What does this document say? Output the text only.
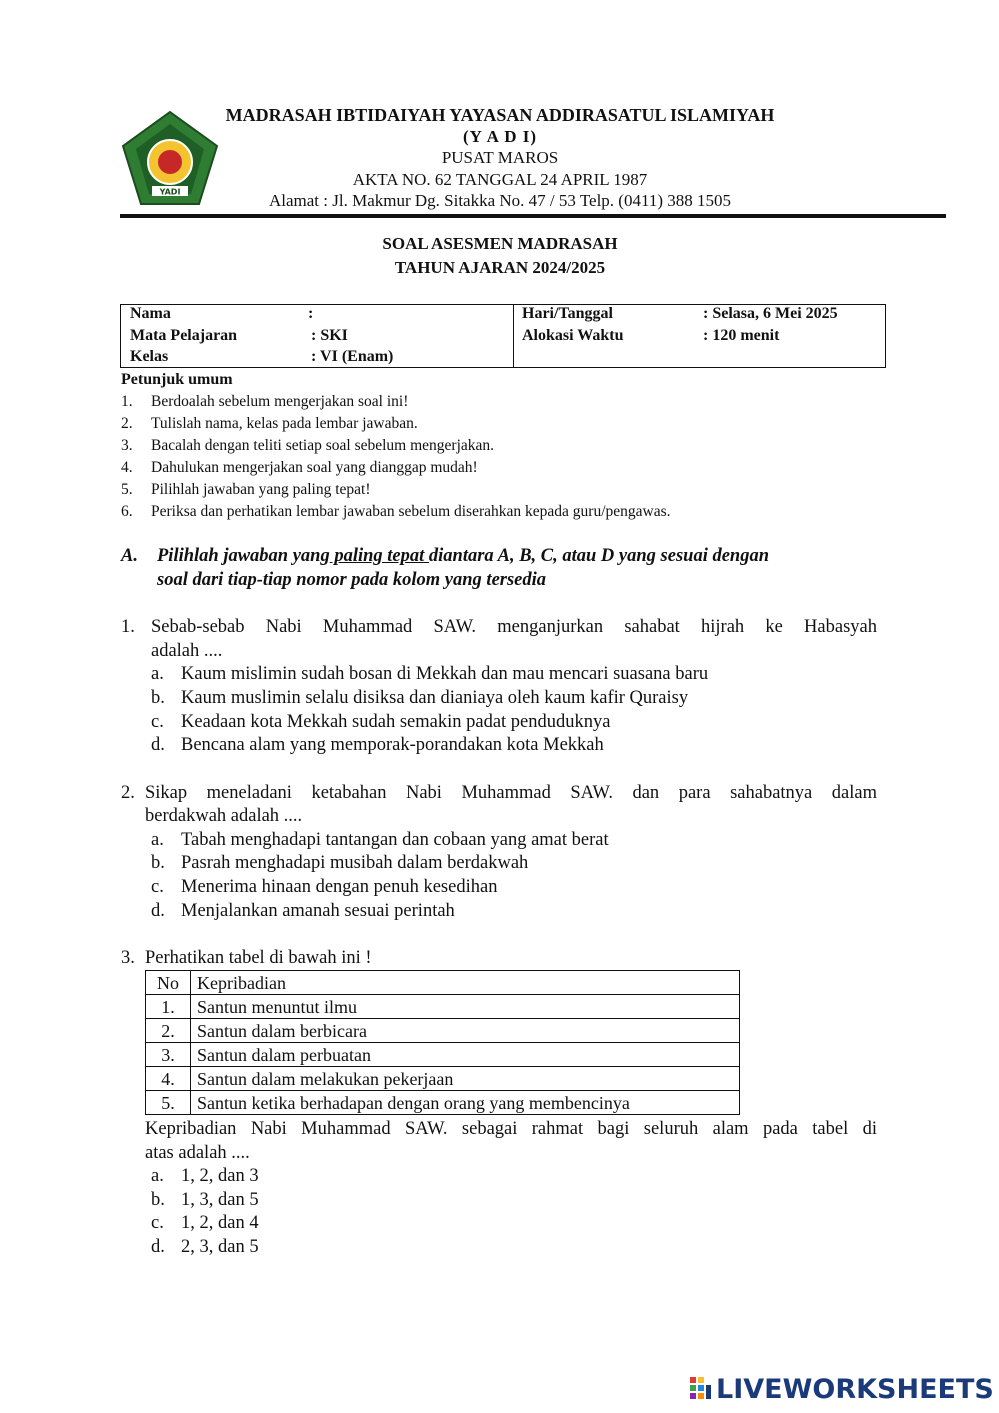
YADI
MADRASAH IBTIDAIYAH YAYASAN ADDIRASATUL ISLAMIYAH
(Y A D I)
PUSAT MAROS
AKTA NO. 62 TANGGAL 24 APRIL 1987
Alamat : Jl. Makmur Dg. Sitakka No. 47 / 53 Telp. (0411) 388 1505
SOAL ASESMEN MADRASAH
TAHUN AJARAN 2024/2025
Nama	:
Mata Pelajaran	: SKI
Kelas	: VI (Enam)
Hari/Tanggal	: Selasa, 6 Mei 2025
Alokasi Waktu	: 120 menit
Petunjuk umum
1. Berdoalah sebelum mengerjakan soal ini!
2. Tulislah nama, kelas pada lembar jawaban.
3. Bacalah dengan teliti setiap soal sebelum mengerjakan.
4. Dahulukan mengerjakan soal yang dianggap mudah!
5. Pilihlah jawaban yang paling tepat!
6. Periksa dan perhatikan lembar jawaban sebelum diserahkan kepada guru/pengawas.
A. Pilihlah jawaban yang paling tepat diantara A, B, C, atau D yang sesuai dengan
soal dari tiap-tiap nomor pada kolom yang tersedia
1. Sebab-sebab Nabi Muhammad SAW. menganjurkan sahabat hijrah ke Habasyah
adalah ....
a. Kaum mislimin sudah bosan di Mekkah dan mau mencari suasana baru
b. Kaum muslimin selalu disiksa dan dianiaya oleh kaum kafir Quraisy
c. Keadaan kota Mekkah sudah semakin padat penduduknya
d. Bencana alam yang memporak-porandakan kota Mekkah
2. Sikap meneladani ketabahan Nabi Muhammad SAW. dan para sahabatnya dalam
berdakwah adalah ....
a. Tabah menghadapi tantangan dan cobaan yang amat berat
b. Pasrah menghadapi musibah dalam berdakwah
c. Menerima hinaan dengan penuh kesedihan
d. Menjalankan amanah sesuai perintah
3. Perhatikan tabel di bawah ini !
No	Kepribadian
1.	Santun menuntut ilmu
2.	Santun dalam berbicara
3.	Santun dalam perbuatan
4.	Santun dalam melakukan pekerjaan
5.	Santun ketika berhadapan dengan orang yang membencinya
Kepribadian Nabi Muhammad SAW. sebagai rahmat bagi seluruh alam pada tabel di
atas adalah ....
a. 1, 2, dan 3
b. 1, 3, dan 5
c. 1, 2, dan 4
d. 2, 3, dan 5
LIVEWORKSHEETS
